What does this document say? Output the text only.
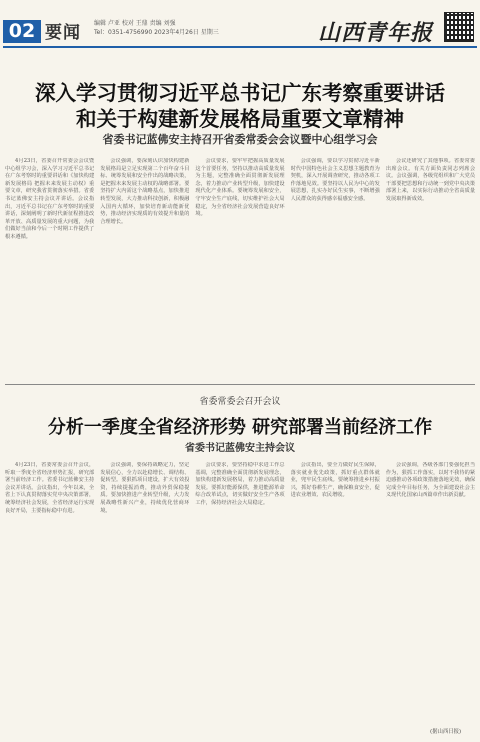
02 要闻 编辑 卢亚 校对 王鼎 责编 刘强
Tel：0351-4756990 2023年4月26日 星期三	山西青年报
深入学习贯彻习近平总书记广东考察重要讲话
和关于构建新发展格局重要文章精神
省委书记蓝佛安主持召开省委常委会会议暨中心组学习会

4月23日，省委召开常委会会议暨中心组学习会，深入学习习近平总书记在广东考察时的重要讲话和《加快构建新发展格局 把握未来发展主动权》重要文章，研究我省贯彻落实举措。省委书记蓝佛安主持会议并讲话。会议指出，习近平总书记在广东考察时的重要讲话，深刻阐明了新时代新征程推进改革开放、高质量发展的重大问题，为我们做好当前和今后一个时期工作提供了根本遵循。

会议强调，要深刻认识加快构建新发展格局是立足实现第二个百年奋斗目标、统筹发展和安全作出的战略决策，是把握未来发展主动权的战略部署。要坚持扩大内需这个战略基点，加快推进转型发展，大力推动科技创新，积极融入国内大循环，加快培育新动能新优势，推动经济实现质的有效提升和量的合理增长。

会议要求，要牢牢把握高质量发展这个首要任务，坚持以推动高质量发展为主题，完整准确全面贯彻新发展理念，着力推动产业转型升级，加快建设现代化产业体系。要统筹发展和安全，守牢安全生产底线，切实维护社会大局稳定，为全省经济社会发展营造良好环境。

会议强调，要以学习贯彻习近平新时代中国特色社会主义思想主题教育为契机，深入开展调查研究，推动各项工作落地见效。要坚持以人民为中心的发展思想，扎实办好民生实事，不断增强人民群众的获得感幸福感安全感。

会议还研究了其他事项。省委常委出席会议。有关方面负责同志列席会议。会议强调，各级党组织和广大党员干部要把思想和行动统一到党中央决策部署上来，以实际行动推动全省高质量发展取得新成效。

省委常委会召开会议
分析一季度全省经济形势 研究部署当前经济工作
省委书记蓝佛安主持会议

4月23日，省委常委会召开会议，听取一季度全省经济形势汇报，研究部署当前经济工作。省委书记蓝佛安主持会议并讲话。会议指出，今年以来，全省上下认真贯彻落实党中央决策部署，统筹经济社会发展，全省经济运行实现良好开局，主要指标稳中有进。

会议强调，要保持战略定力，坚定发展信心，全力以赴稳增长、调结构、促转型。要狠抓项目建设，扩大有效投资，持续提振消费，推动外贸保稳提质。要加快推进产业转型升级，大力发展战略性新兴产业，持续优化营商环境。

会议要求，要坚持稳中求进工作总基调，完整准确全面贯彻新发展理念，加快构建新发展格局，着力推动高质量发展。要抓好能源保供，推进能源革命综合改革试点，切实做好安全生产各项工作，保持经济社会大局稳定。

会议指出，要全力做好民生保障，落实就业优先政策，抓好重点群体就业，兜牢民生底线。要统筹推进乡村振兴，抓好春耕生产，确保粮食安全，促进农业增效、农民增收。

会议强调，各级各部门要强化担当作为，狠抓工作落实，以时不我待的紧迫感推动各项政策措施落地见效，确保完成全年目标任务，为全面建设社会主义现代化国家山西篇章作出新贡献。

(据山西日报)
